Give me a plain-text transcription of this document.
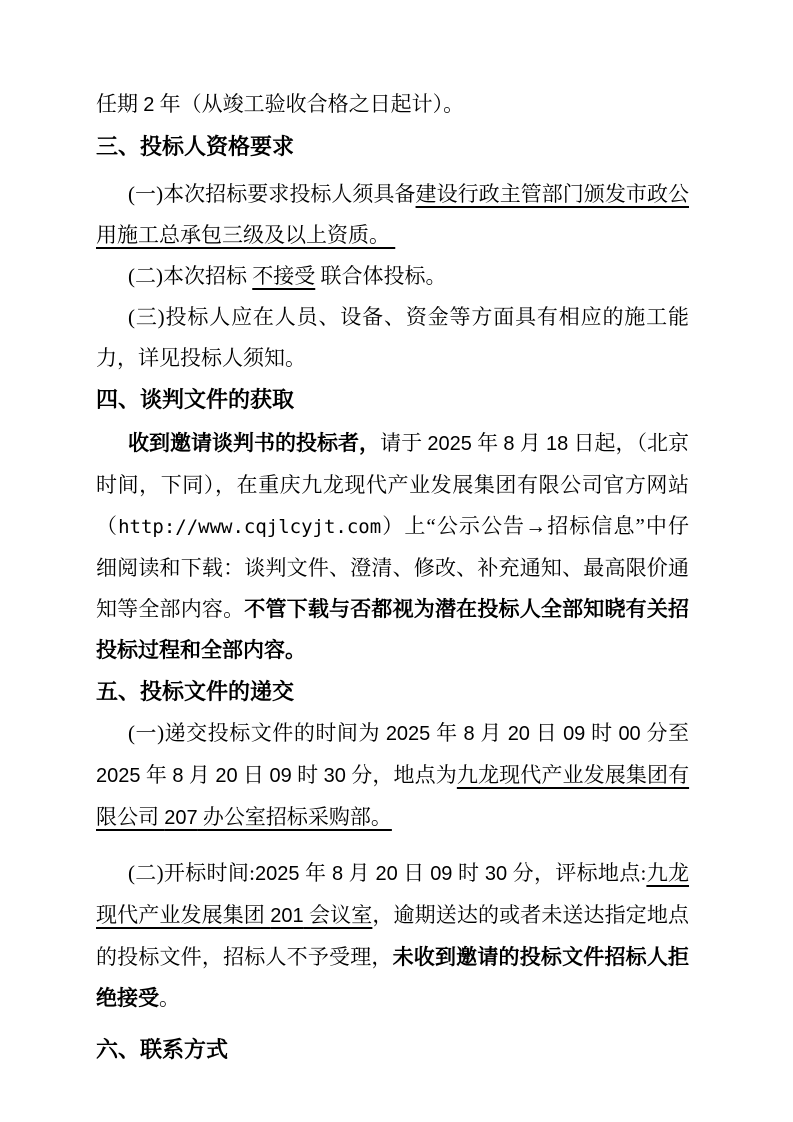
任期 2 年（从竣工验收合格之日起计）。

三、投标人资格要求

(一)本次招标要求投标人须具备建设行政主管部门颁发市政公用施工总承包三级及以上资质。

(二)本次招标 不接受 联合体投标。

(三)投标人应在人员、设备、资金等方面具有相应的施工能力，详见投标人须知。

四、谈判文件的获取

收到邀请谈判书的投标者，请于 2025 年 8 月 18 日起，（北京时间，下同），在重庆九龙现代产业发展集团有限公司官方网站（http://www.cqjlcyjt.com）上“公示公告→招标信息”中仔细阅读和下载：谈判文件、澄清、修改、补充通知、最高限价通知等全部内容。不管下载与否都视为潜在投标人全部知晓有关招投标过程和全部内容。

五、投标文件的递交

(一)递交投标文件的时间为 2025 年 8 月 20 日 09 时 00 分至 2025 年 8 月 20 日 09 时 30 分，地点为九龙现代产业发展集团有限公司 207 办公室招标采购部。

(二)开标时间:2025 年 8 月 20 日 09 时 30 分，评标地点:九龙现代产业发展集团 201 会议室，逾期送达的或者未送达指定地点的投标文件，招标人不予受理，未收到邀请的投标文件招标人拒绝接受。

六、联系方式
